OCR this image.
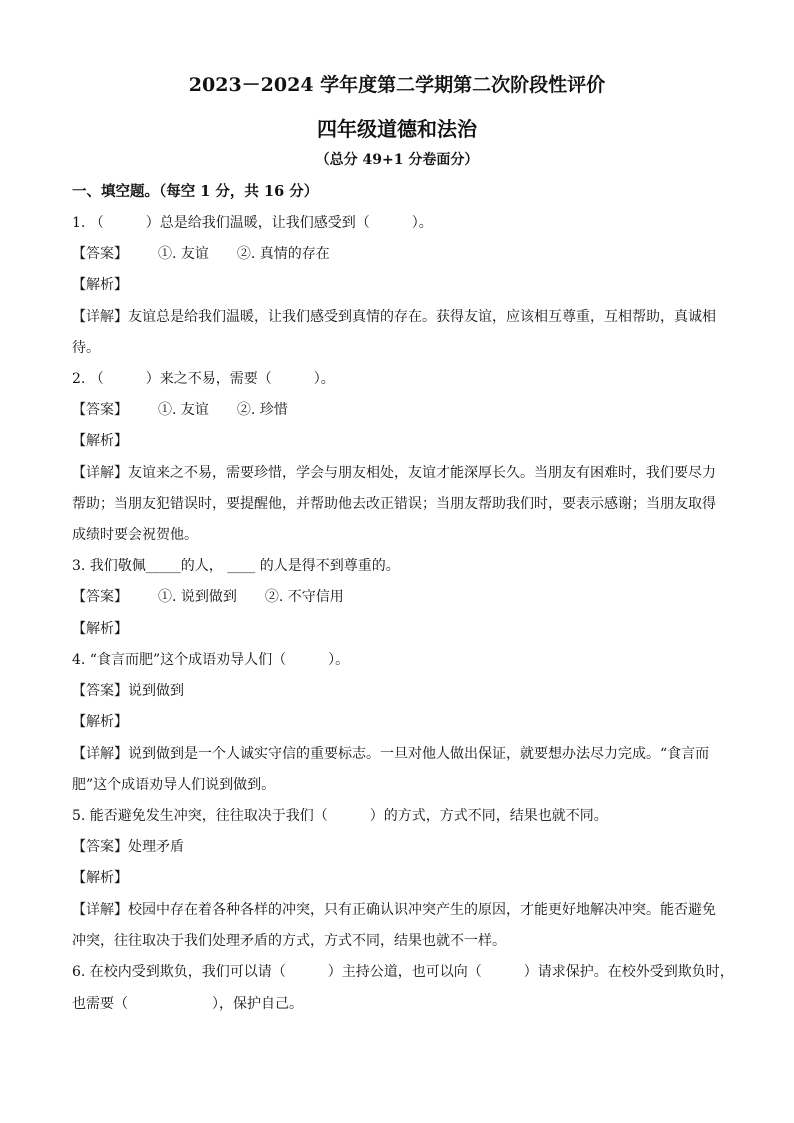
2023－2024 学年度第二学期第二次阶段性评价
四年级道德和法治
（总分 49+1 分卷面分）
一、填空题。（每空 1 分，共 16 分）
1. （　　　）总是给我们温暖，让我们感受到（　　　）。
【答案】 ①. 友谊　　②. 真情的存在
【解析】
【详解】友谊总是给我们温暖，让我们感受到真情的存在。获得友谊，应该相互尊重，互相帮助，真诚相
待。
2. （　　　）来之不易，需要（　　　）。
【答案】 ①. 友谊　　②. 珍惜
【解析】
【详解】友谊来之不易，需要珍惜，学会与朋友相处，友谊才能深厚长久。当朋友有困难时，我们要尽力
帮助；当朋友犯错误时，要提醒他，并帮助他去改正错误；当朋友帮助我们时，要表示感谢；当朋友取得
成绩时要会祝贺他。
3. 我们敬佩_____的人， ____ 的人是得不到尊重的。
【答案】 ①. 说到做到　　②. 不守信用
【解析】
4. “食言而肥”这个成语劝导人们（　　　）。
【答案】说到做到
【解析】
【详解】说到做到是一个人诚实守信的重要标志。一旦对他人做出保证，就要想办法尽力完成。“食言而
肥”这个成语劝导人们说到做到。
5. 能否避免发生冲突，往往取决于我们（　　　）的方式，方式不同，结果也就不同。
【答案】处理矛盾
【解析】
【详解】校园中存在着各种各样的冲突，只有正确认识冲突产生的原因，才能更好地解决冲突。能否避免
冲突，往往取决于我们处理矛盾的方式，方式不同，结果也就不一样。
6. 在校内受到欺负，我们可以请（　　　）主持公道，也可以向（　　　）请求保护。在校外受到欺负时，
也需要（　　　　　　），保护自己。
